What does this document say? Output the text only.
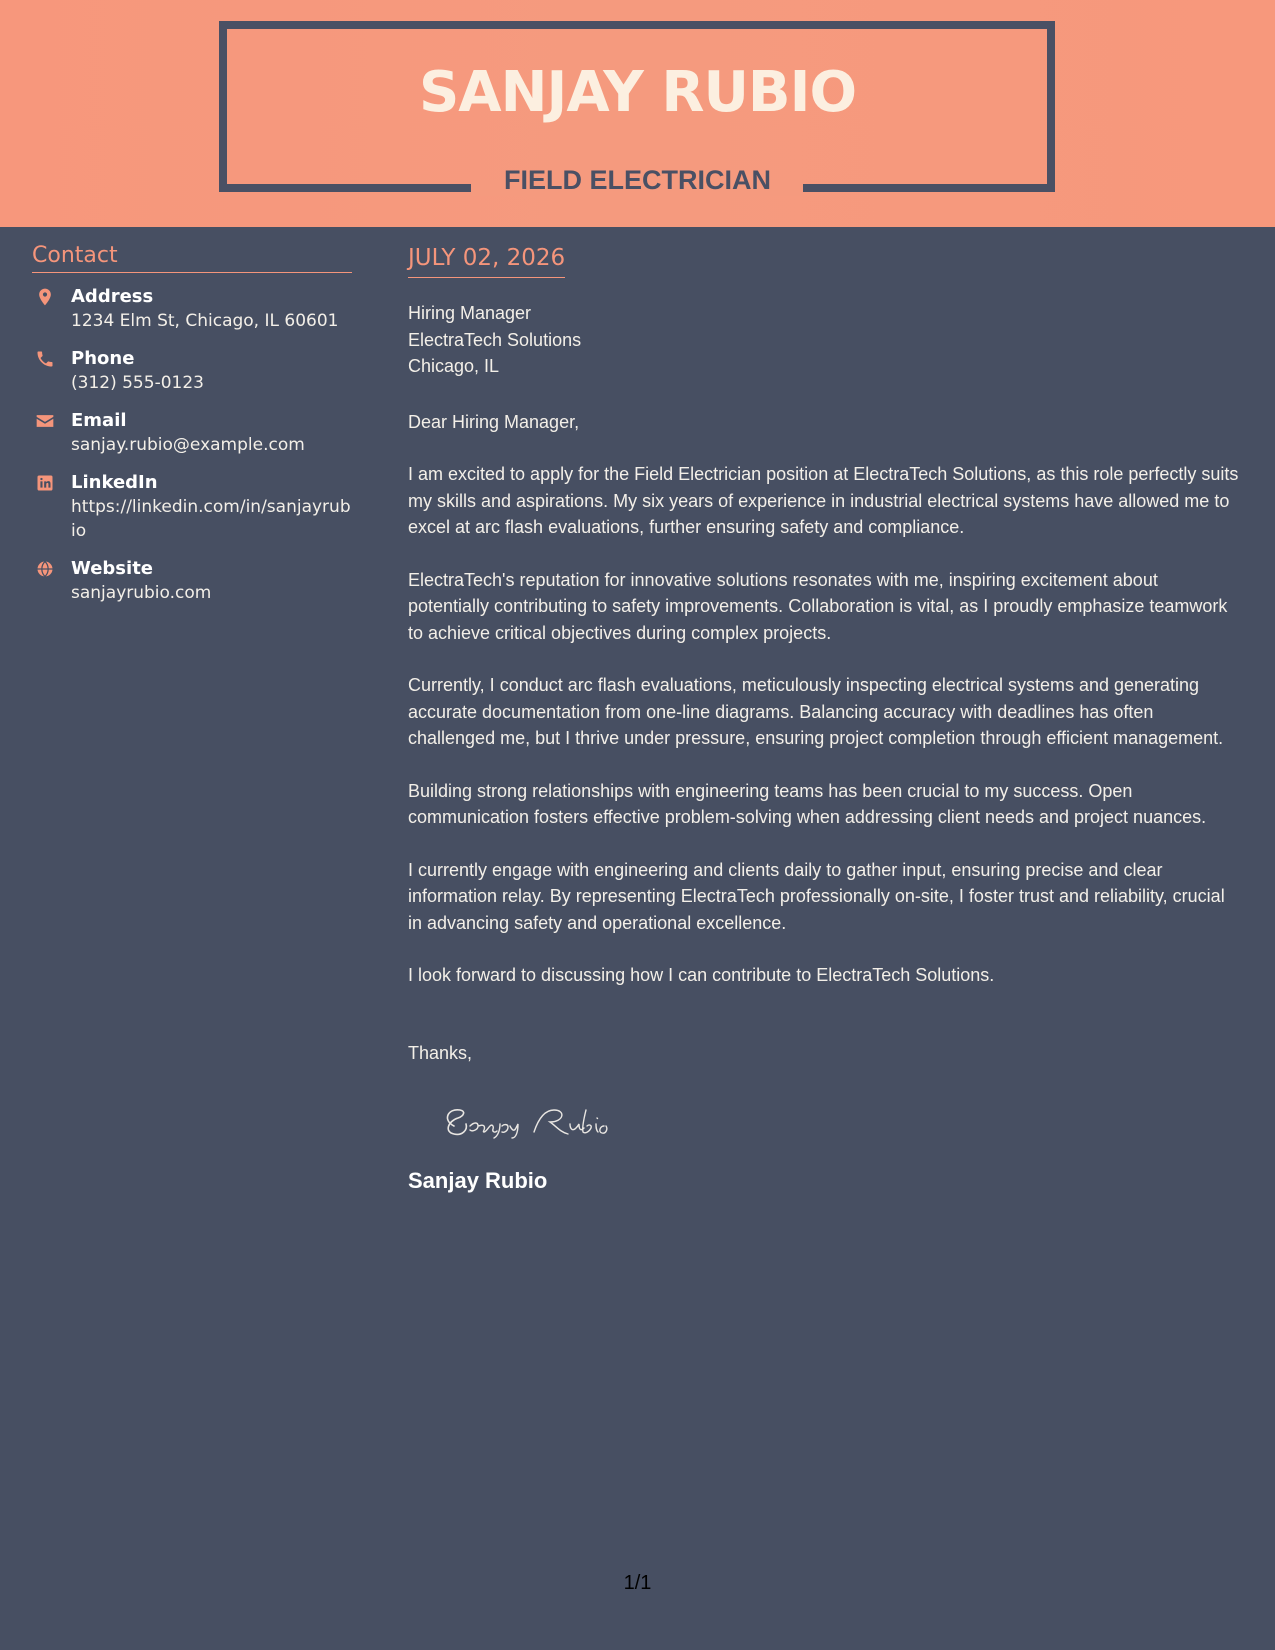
SANJAY RUBIO
FIELD ELECTRICIAN
Contact
Address
1234 Elm St, Chicago, IL 60601
Phone
(312) 555-0123
Email
sanjay.rubio@example.com
LinkedIn
https://linkedin.com/in/sanjayrubio
Website
sanjayrubio.com
JULY 02, 2026
Hiring Manager
ElectraTech Solutions
Chicago, IL
Dear Hiring Manager,

I am excited to apply for the Field Electrician position at ElectraTech Solutions, as this role perfectly suits my skills and aspirations. My six years of experience in industrial electrical systems have allowed me to excel at arc flash evaluations, further ensuring safety and compliance.

ElectraTech's reputation for innovative solutions resonates with me, inspiring excitement about potentially contributing to safety improvements. Collaboration is vital, as I proudly emphasize teamwork to achieve critical objectives during complex projects.

Currently, I conduct arc flash evaluations, meticulously inspecting electrical systems and generating accurate documentation from one-line diagrams. Balancing accuracy with deadlines has often challenged me, but I thrive under pressure, ensuring project completion through efficient management.

Building strong relationships with engineering teams has been crucial to my success. Open communication fosters effective problem-solving when addressing client needs and project nuances.

I currently engage with engineering and clients daily to gather input, ensuring precise and clear information relay. By representing ElectraTech professionally on-site, I foster trust and reliability, crucial in advancing safety and operational excellence.

I look forward to discussing how I can contribute to ElectraTech Solutions.

Thanks,
Sanjay Rubio
1/1
